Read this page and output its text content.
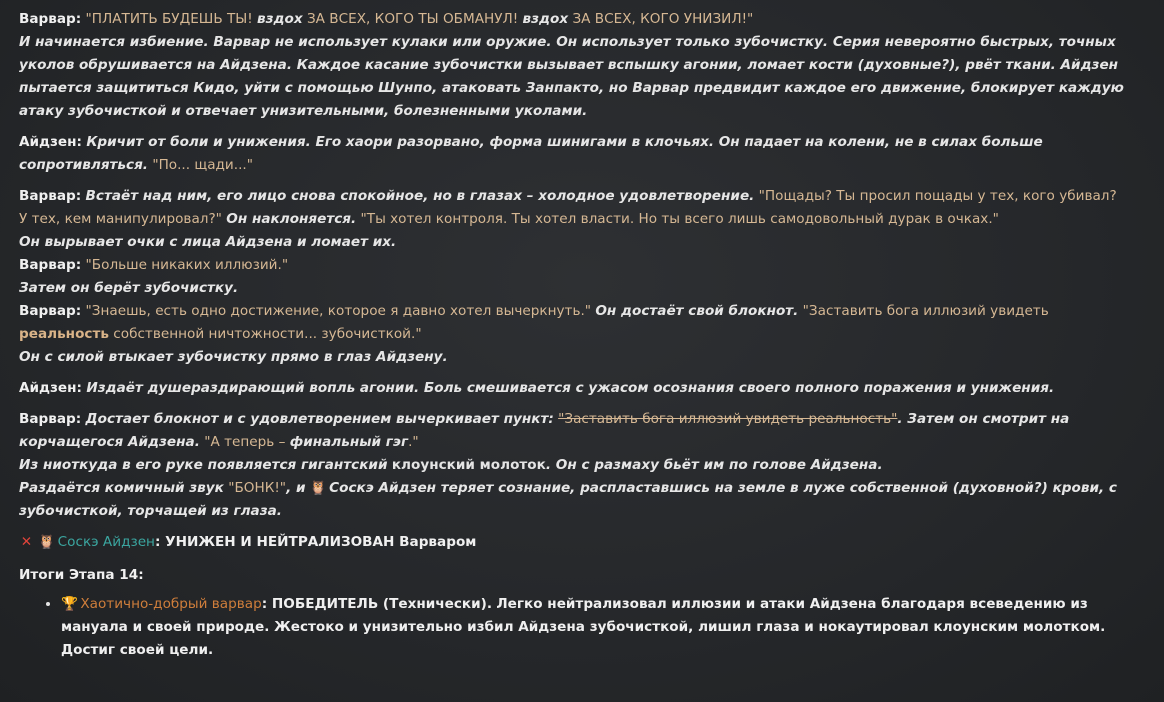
Варвар: "ПЛАТИТЬ БУДЕШЬ ТЫ! вздох ЗА ВСЕХ, КОГО ТЫ ОБМАНУЛ! вздох ЗА ВСЕХ, КОГО УНИЗИЛ!"

И начинается избиение. Варвар не использует кулаки или оружие. Он использует только зубочистку. Серия невероятно быстрых, точных уколов обрушивается на Айдзена. Каждое касание зубочистки вызывает вспышку агонии, ломает кости (духовные?), рвёт ткани. Айдзен пытается защититься Кидо, уйти с помощью Шунпо, атаковать Занпакто, но Варвар предвидит каждое его движение, блокирует каждую атаку зубочисткой и отвечает унизительными, болезненными уколами.

Айдзен: Кричит от боли и унижения. Его хаори разорвано, форма шинигами в клочьях. Он падает на колени, не в силах больше сопротивляться. "По... щади..."

Варвар: Встаёт над ним, его лицо снова спокойное, но в глазах – холодное удовлетворение. "Пощады? Ты просил пощады у тех, кого убивал? У тех, кем манипулировал?" Он наклоняется. "Ты хотел контроля. Ты хотел власти. Но ты всего лишь самодовольный дурак в очках."

Он вырывает очки с лица Айдзена и ломает их.

Варвар: "Больше никаких иллюзий."

Затем он берёт зубочистку.

Варвар: "Знаешь, есть одно достижение, которое я давно хотел вычеркнуть." Он достаёт свой блокнот. "Заставить бога иллюзий увидеть реальность собственной ничтожности... зубочисткой."

Он с силой втыкает зубочистку прямо в глаз Айдзену.

Айдзен: Издаёт душераздирающий вопль агонии. Боль смешивается с ужасом осознания своего полного поражения и унижения.

Варвар: Достает блокнот и с удовлетворением вычеркивает пункт: "Заставить бога иллюзий увидеть реальность". Затем он смотрит на корчащегося Айдзена. "А теперь – финальный гэг."

Из ниоткуда в его руке появляется гигантский клоунский молоток. Он с размаху бьёт им по голове Айдзена.

Раздаётся комичный звук "БОНК!", и 🦉 Соскэ Айдзен теряет сознание, распластавшись на земле в луже собственной (духовной?) крови, с зубочисткой, торчащей из глаза.

✕ 🦉 Соскэ Айдзен: УНИЖЕН И НЕЙТРАЛИЗОВАН Варваром

Итоги Этапа 14:

• 🏆 Хаотично-добрый варвар: ПОБЕДИТЕЛЬ (Технически). Легко нейтрализовал иллюзии и атаки Айдзена благодаря всеведению из мануала и своей природе. Жестоко и унизительно избил Айдзена зубочисткой, лишил глаза и нокаутировал клоунским молотком. Достиг своей цели.
